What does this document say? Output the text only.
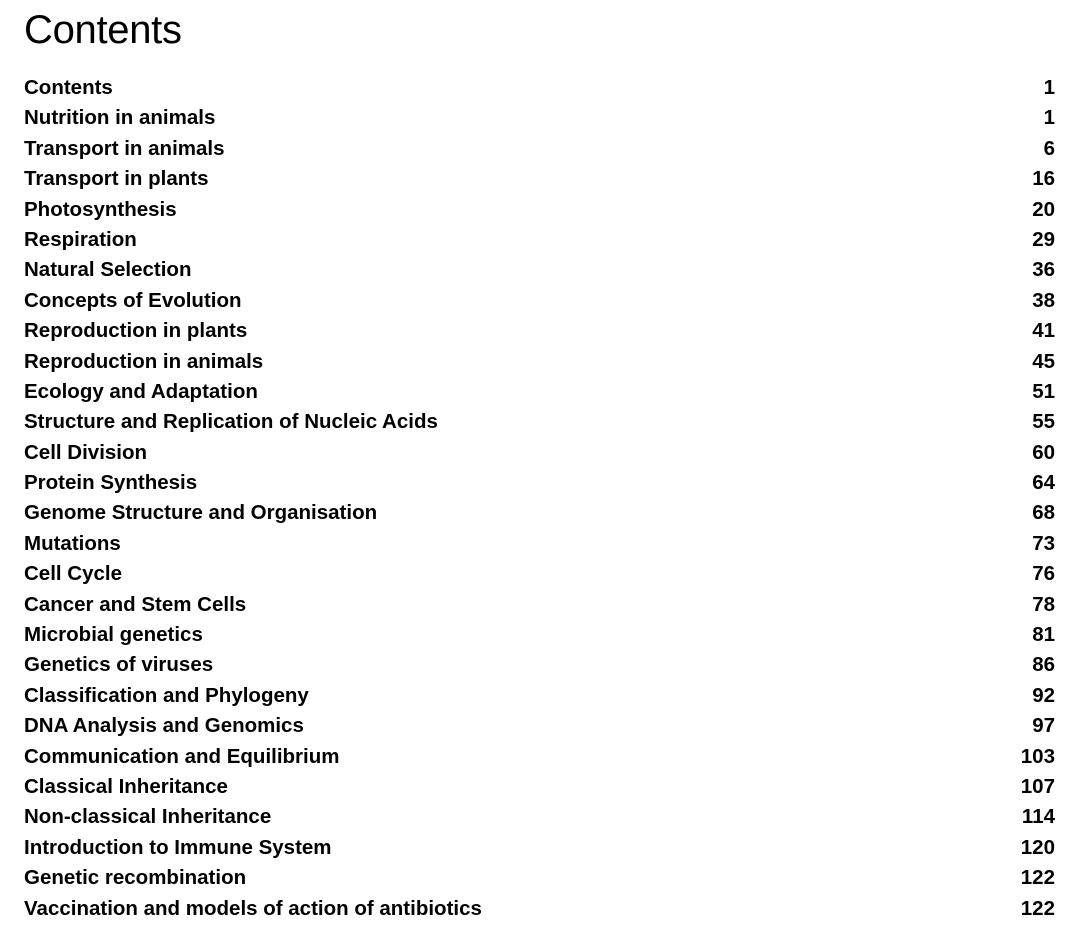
Contents
Contents	1
Nutrition in animals	1
Transport in animals	6
Transport in plants	16
Photosynthesis	20
Respiration	29
Natural Selection	36
Concepts of Evolution	38
Reproduction in plants	41
Reproduction in animals	45
Ecology and Adaptation	51
Structure and Replication of Nucleic Acids	55
Cell Division	60
Protein Synthesis	64
Genome Structure and Organisation	68
Mutations	73
Cell Cycle	76
Cancer and Stem Cells	78
Microbial genetics	81
Genetics of viruses	86
Classification and Phylogeny	92
DNA Analysis and Genomics	97
Communication and Equilibrium	103
Classical Inheritance	107
Non-classical Inheritance	114
Introduction to Immune System	120
Genetic recombination	122
Vaccination and models of action of antibiotics	122
